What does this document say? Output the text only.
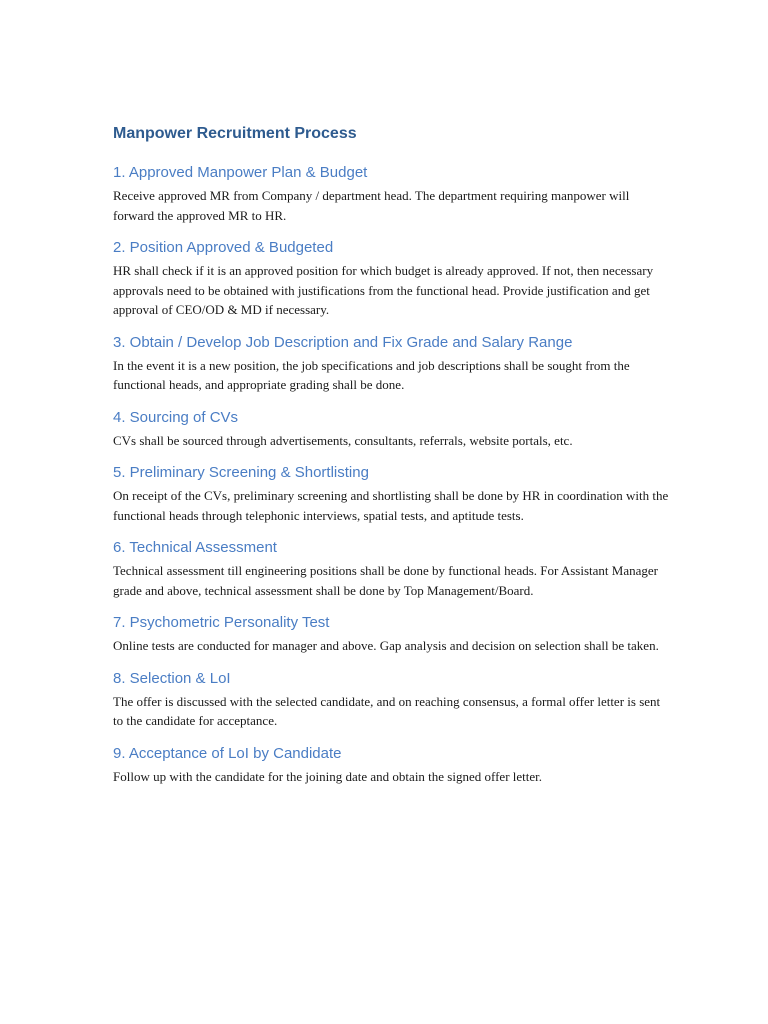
Manpower Recruitment Process
1. Approved Manpower Plan & Budget

Receive approved MR from Company / department head. The department requiring manpower will forward the approved MR to HR.

2. Position Approved & Budgeted

HR shall check if it is an approved position for which budget is already approved. If not, then necessary approvals need to be obtained with justifications from the functional head. Provide justification and get approval of CEO/OD & MD if necessary.

3. Obtain / Develop Job Description and Fix Grade and Salary Range

In the event it is a new position, the job specifications and job descriptions shall be sought from the functional heads, and appropriate grading shall be done.

4. Sourcing of CVs

CVs shall be sourced through advertisements, consultants, referrals, website portals, etc.

5. Preliminary Screening & Shortlisting

On receipt of the CVs, preliminary screening and shortlisting shall be done by HR in coordination with the functional heads through telephonic interviews, spatial tests, and aptitude tests.

6. Technical Assessment

Technical assessment till engineering positions shall be done by functional heads. For Assistant Manager grade and above, technical assessment shall be done by Top Management/Board.

7. Psychometric Personality Test

Online tests are conducted for manager and above. Gap analysis and decision on selection shall be taken.

8. Selection & LoI

The offer is discussed with the selected candidate, and on reaching consensus, a formal offer letter is sent to the candidate for acceptance.

9. Acceptance of LoI by Candidate

Follow up with the candidate for the joining date and obtain the signed offer letter.
